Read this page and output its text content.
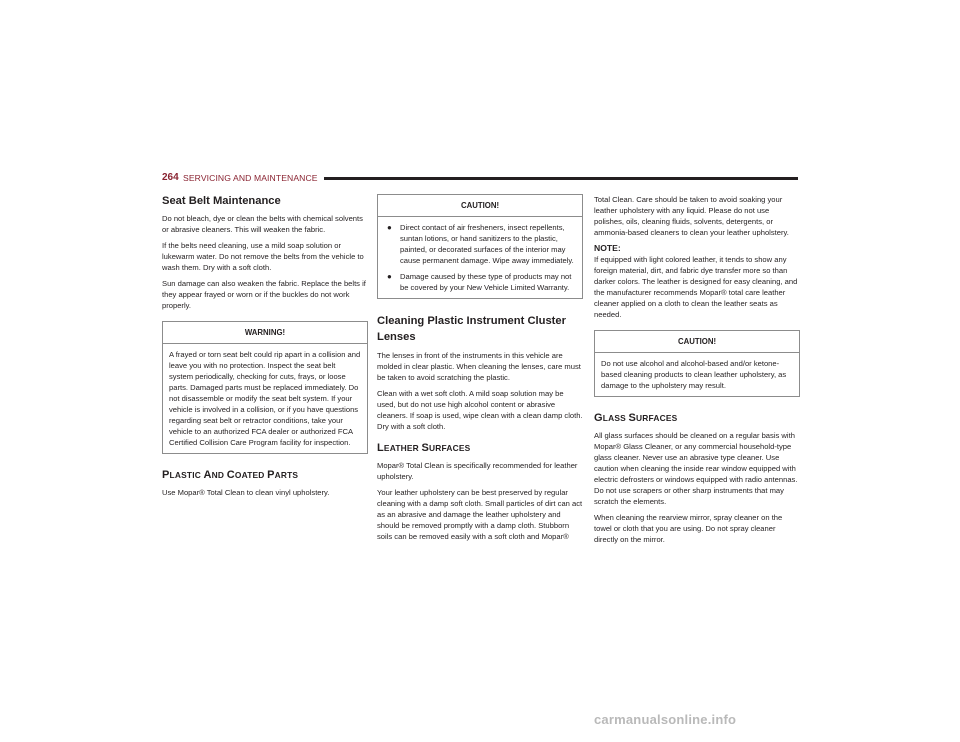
264 SERVICING AND MAINTENANCE
Seat Belt Maintenance

Do not bleach, dye or clean the belts with chemical solvents or abrasive cleaners. This will weaken the fabric.

If the belts need cleaning, use a mild soap solution or lukewarm water. Do not remove the belts from the vehicle to wash them. Dry with a soft cloth.

Sun damage can also weaken the fabric. Replace the belts if they appear frayed or worn or if the buckles do not work properly.

WARNING!

A frayed or torn seat belt could rip apart in a collision and leave you with no protection. Inspect the seat belt system periodically, checking for cuts, frays, or loose parts. Damaged parts must be replaced immediately. Do not disassemble or modify the seat belt system. If your vehicle is involved in a collision, or if you have questions regarding seat belt or retractor conditions, take your vehicle to an authorized FCA dealer or authorized FCA Certified Collision Care Program facility for inspection.

PLASTIC AND COATED PARTS

Use Mopar® Total Clean to clean vinyl upholstery.

CAUTION!
● Direct contact of air fresheners, insect repellents, suntan lotions, or hand sanitizers to the plastic, painted, or decorated surfaces of the interior may cause permanent damage. Wipe away immediately.
● Damage caused by these type of products may not be covered by your New Vehicle Limited Warranty.
Cleaning Plastic Instrument Cluster Lenses

The lenses in front of the instruments in this vehicle are molded in clear plastic. When cleaning the lenses, care must be taken to avoid scratching the plastic.

Clean with a wet soft cloth. A mild soap solution may be used, but do not use high alcohol content or abrasive cleaners. If soap is used, wipe clean with a clean damp cloth. Dry with a soft cloth.

LEATHER SURFACES

Mopar® Total Clean is specifically recommended for leather upholstery.

Your leather upholstery can be best preserved by regular cleaning with a damp soft cloth. Small particles of dirt can act as an abrasive and damage the leather upholstery and should be removed promptly with a damp cloth. Stubborn soils can be removed easily with a soft cloth and Mopar®

Total Clean. Care should be taken to avoid soaking your leather upholstery with any liquid. Please do not use polishes, oils, cleaning fluids, solvents, detergents, or ammonia-based cleaners to clean your leather upholstery.

NOTE:

If equipped with light colored leather, it tends to show any foreign material, dirt, and fabric dye transfer more so than darker colors. The leather is designed for easy cleaning, and the manufacturer recommends Mopar® total care leather cleaner applied on a cloth to clean the leather seats as needed.

CAUTION!

Do not use alcohol and alcohol-based and/or ketone-based cleaning products to clean leather upholstery, as damage to the upholstery may result.

GLASS SURFACES

All glass surfaces should be cleaned on a regular basis with Mopar® Glass Cleaner, or any commercial household-type glass cleaner. Never use an abrasive type cleaner. Use caution when cleaning the inside rear window equipped with electric defrosters or windows equipped with radio antennas. Do not use scrapers or other sharp instruments that may scratch the elements.

When cleaning the rearview mirror, spray cleaner on the towel or cloth that you are using. Do not spray cleaner directly on the mirror.

carmanualsonline.info
